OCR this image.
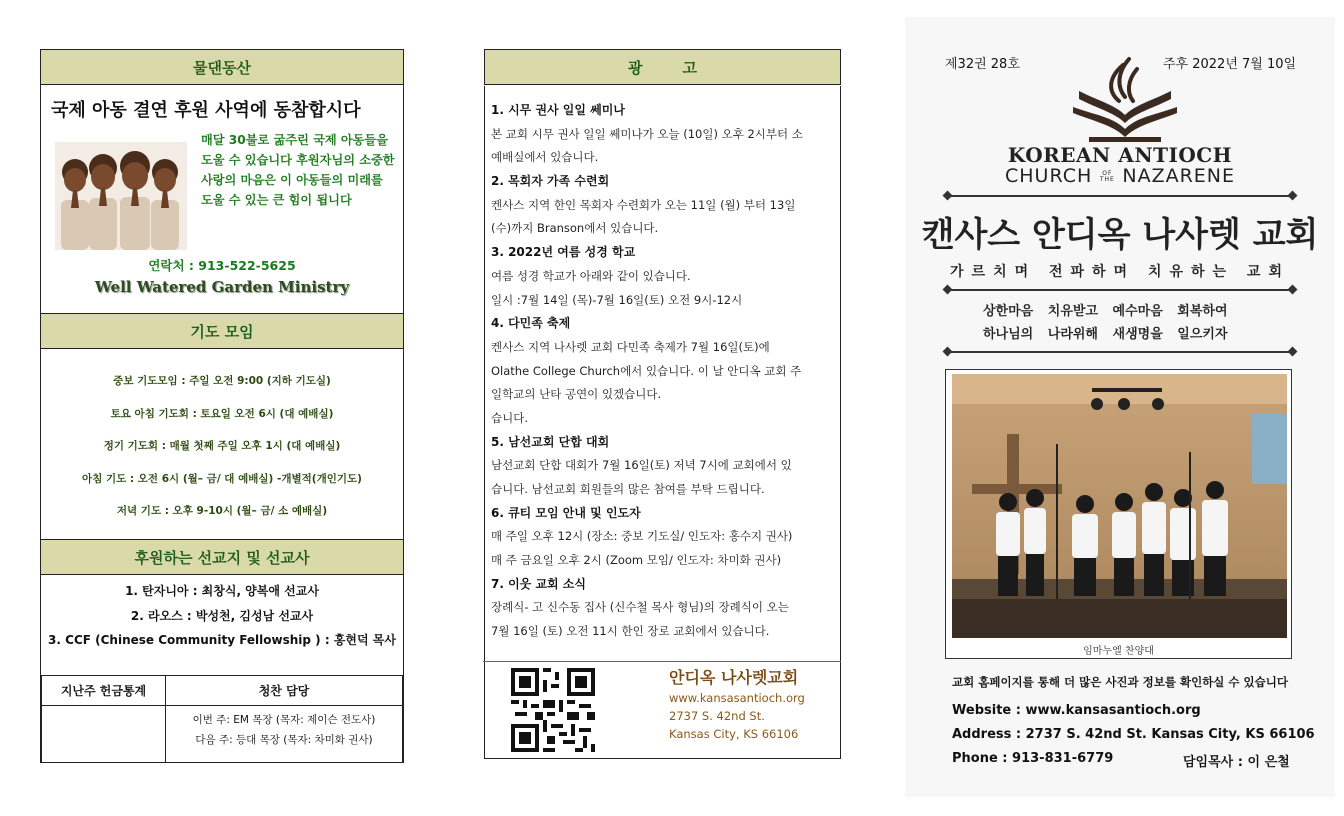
물댄동산
국제 아동 결연 후원 사역에 동참합시다
매달 30불로 굶주린 국제 아동들을 도울 수 있습니다 후원자님의 소중한 사랑의 마음은 이 아동들의 미래를 도울 수 있는 큰 힘이 됩니다
연락처 : 913-522-5625
Well Watered Garden Ministry
기도 모임
중보 기도모임 : 주일 오전 9:00 (지하 기도실)
토요 아침 기도회 : 토요일 오전 6시 (대 예배실)
정기 기도회 : 매월 첫째 주일 오후 1시 (대 예배실)
아침 기도 : 오전 6시 (월– 금/ 대 예배실) -개별적(개인기도)
저녁 기도 : 오후 9-10시 (월– 금/ 소 예배실)
후원하는 선교지 및 선교사
1. 탄자니아 : 최창식, 양복애 선교사
2. 라오스 : 박성천, 김성남 선교사
3. CCF (Chinese Community Fellowship ) : 홍현덕 목사
지난주 헌금통계	청찬 담당

	이번 주: EM 목장 (목자: 제이슨 전도사)
다음 주: 등대 목장 (목자: 차미화 권사)
광	고
1. 시무 권사 일일 쎄미나
본 교회 시무 권사 일일 쎄미나가 오늘 (10일) 오후 2시부터 소
예배실에서 있습니다.
2. 목회자 가족 수련회
켄사스 지역 한인 목회자 수련회가 오는 11일 (월) 부터 13일
(수)까지 Branson에서 있습니다.
3. 2022년 여름 성경 학교
여름 성경 학교가 아래와 같이 있습니다.
일시 :7월 14일 (목)-7월 16일(토) 오전 9시-12시
4. 다민족 축제
켄사스 지역 나사렛 교회 다민족 축제가 7월 16일(토)에
Olathe College Church에서 있습니다. 이 날 안디옥 교회 주
일학교의 난타 공연이 있겠습니다.
습니다.
5. 남선교회 단합 대회
남선교회 단합 대회가 7월 16일(토) 저녁 7시에 교회에서 있
습니다. 남선교회 회원들의 많은 참여를 부탁 드립니다.
6. 큐티 모임 안내 및 인도자
매 주일 오후 12시 (장소: 중보 기도실/ 인도자: 홍수지 권사)
매 주 금요일 오후 2시 (Zoom 모임/ 인도자: 차미화 권사)
7. 이웃 교회 소식
장례식- 고 신수동 집사 (신수철 목사 형님)의 장례식이 오는
7월 16일 (토) 오전 11시 한인 장로 교회에서 있습니다.
안디옥 나사렛교회
www.kansasantioch.org
2737 S. 42nd St.
Kansas City, KS 66106
제32권 28호	주후 2022년 7월 10일
KOREAN ANTIOCH
CHURCH OF THE NAZARENE
캔사스 안디옥 나사렛 교회
가르치며 전파하며 치유하는 교회
상한마음 치유받고 예수마음 회복하여
하나님의 나라위해 새생명을 일으키자
임마누엘 찬양대
교회 홈페이지를 통해 더 많은 사진과 정보를 확인하실 수 있습니다
Website : www.kansasantioch.org
Address : 2737 S. 42nd St. Kansas City, KS 66106
Phone : 913-831-6779	담임목사 : 이 은철
